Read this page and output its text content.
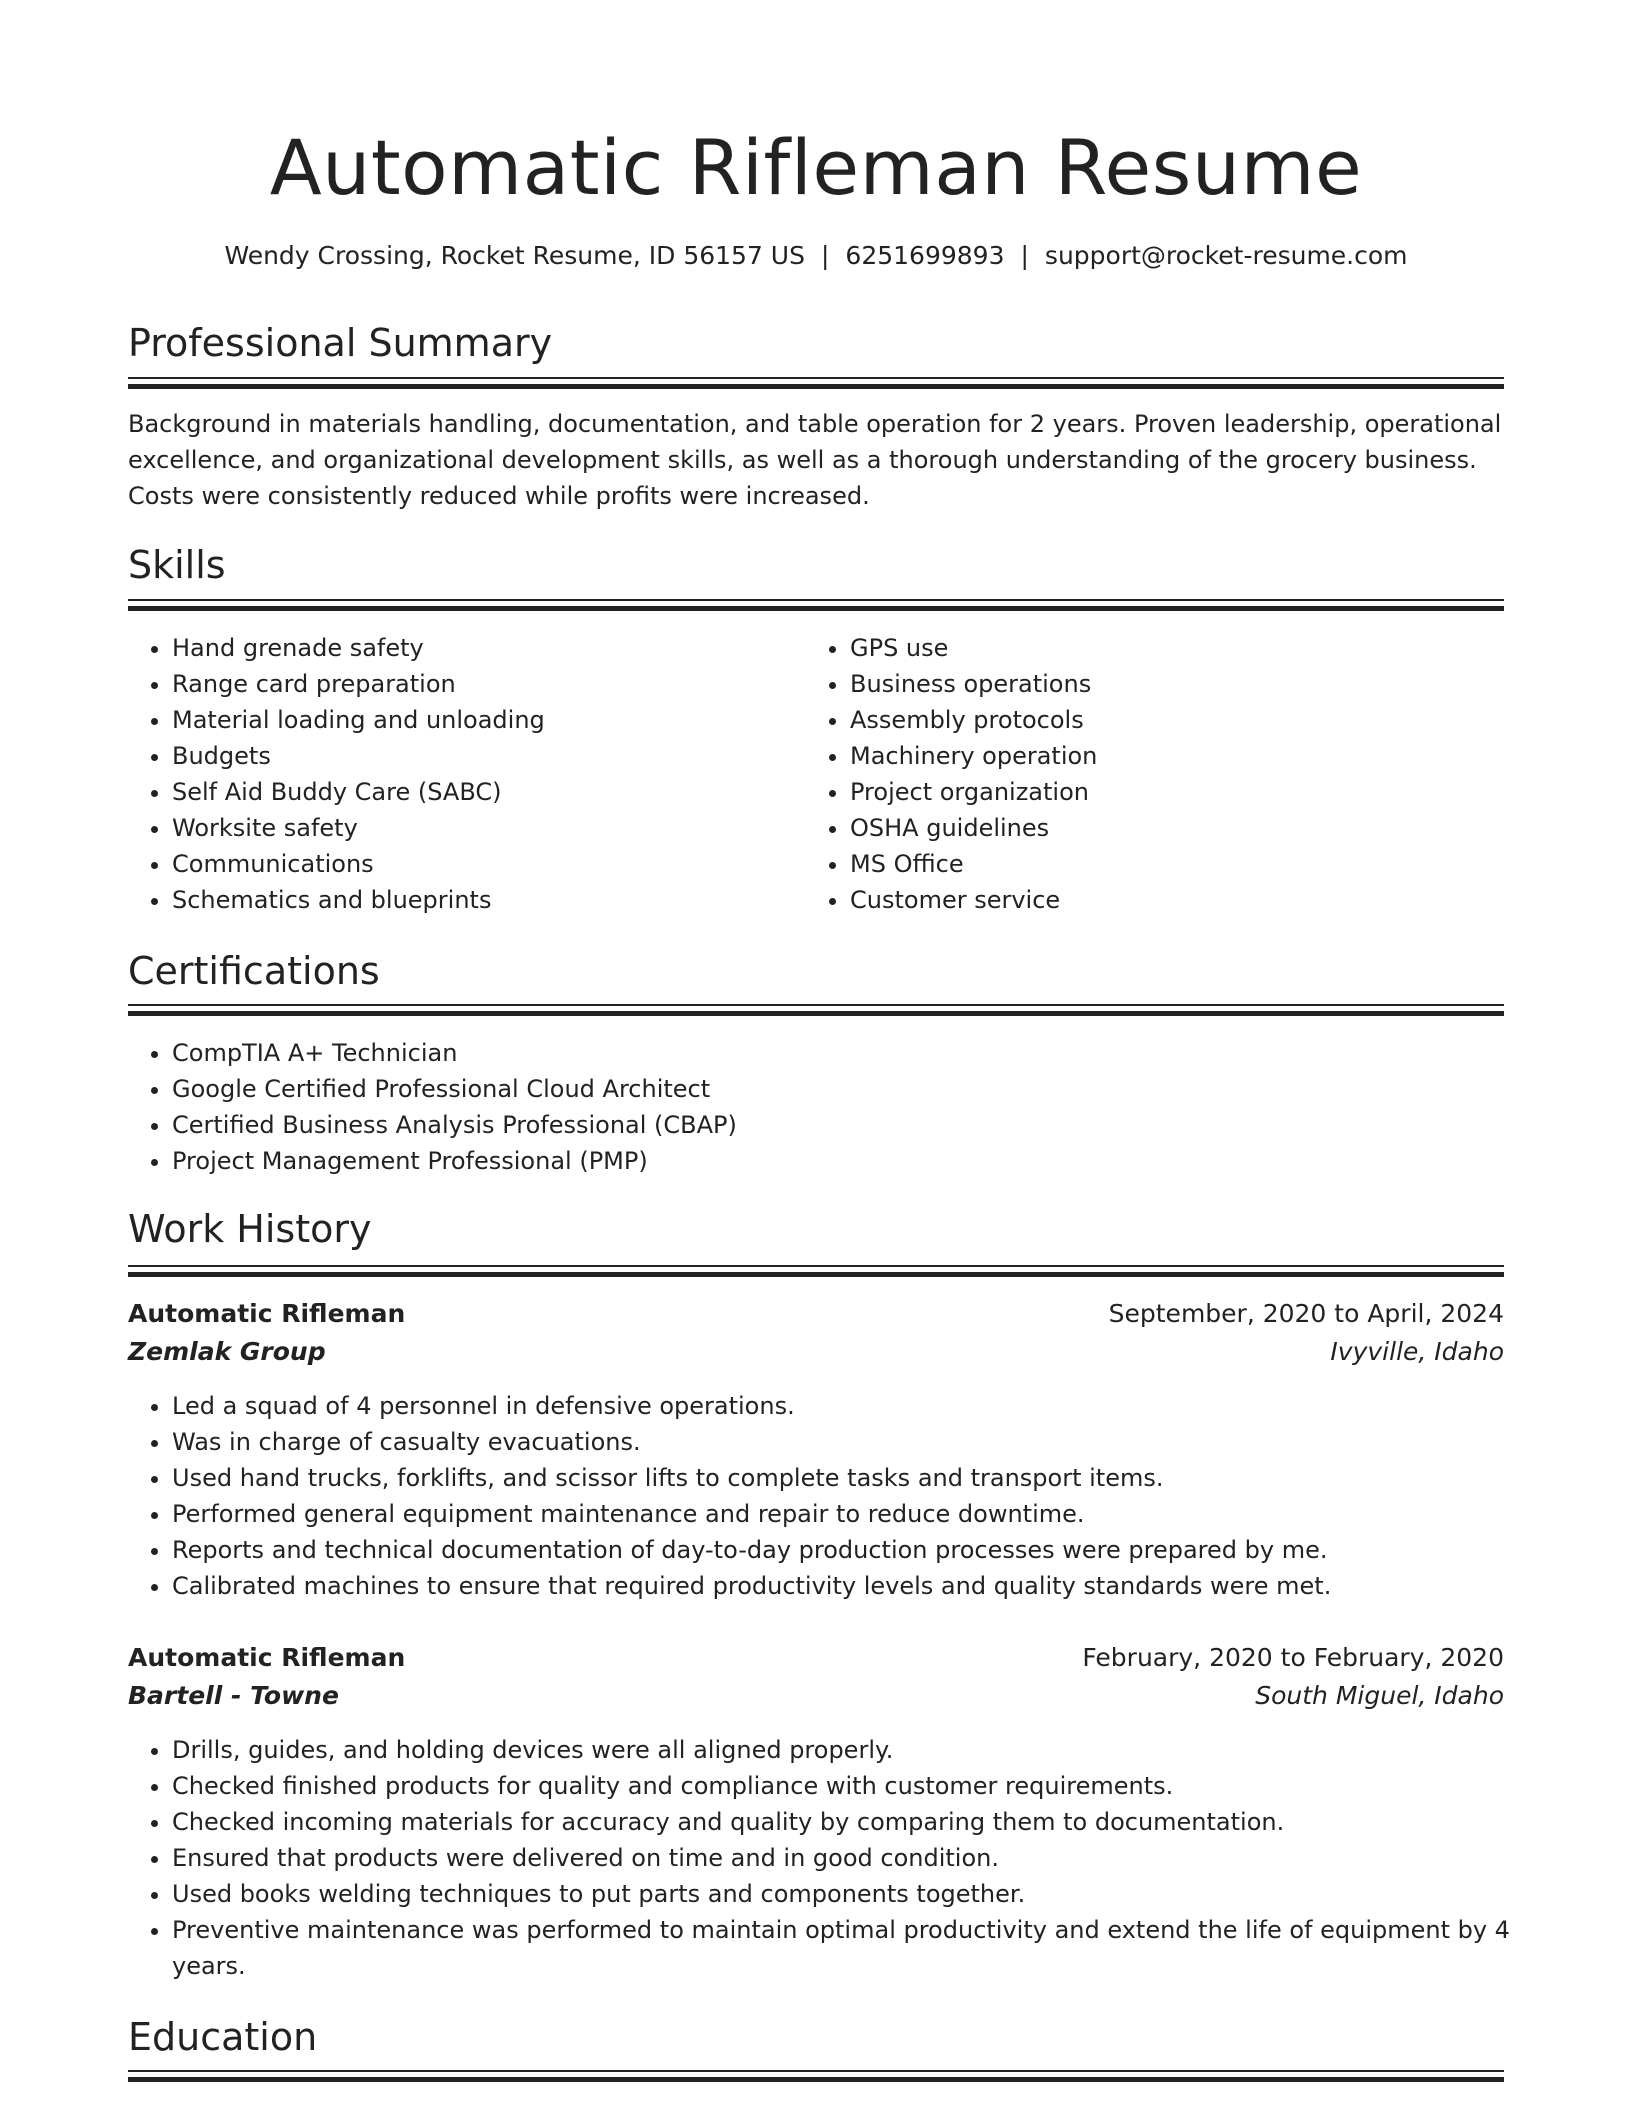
Automatic Rifleman Resume
Wendy Crossing, Rocket Resume, ID 56157 US | 6251699893 | support@rocket-resume.com
Professional Summary
Background in materials handling, documentation, and table operation for 2 years. Proven leadership, operational excellence, and organizational development skills, as well as a thorough understanding of the grocery business. Costs were consistently reduced while profits were increased.
Skills
• Hand grenade safety
• Range card preparation
• Material loading and unloading
• Budgets
• Self Aid Buddy Care (SABC)
• Worksite safety
• Communications
• Schematics and blueprints
• GPS use
• Business operations
• Assembly protocols
• Machinery operation
• Project organization
• OSHA guidelines
• MS Office
• Customer service
Certifications
• CompTIA A+ Technician
• Google Certified Professional Cloud Architect
• Certified Business Analysis Professional (CBAP)
• Project Management Professional (PMP)
Work History
Automatic Rifleman	September, 2020 to April, 2024
Zemlak Group	Ivyville, Idaho
• Led a squad of 4 personnel in defensive operations.
• Was in charge of casualty evacuations.
• Used hand trucks, forklifts, and scissor lifts to complete tasks and transport items.
• Performed general equipment maintenance and repair to reduce downtime.
• Reports and technical documentation of day-to-day production processes were prepared by me.
• Calibrated machines to ensure that required productivity levels and quality standards were met.
Automatic Rifleman	February, 2020 to February, 2020
Bartell - Towne	South Miguel, Idaho
• Drills, guides, and holding devices were all aligned properly.
• Checked finished products for quality and compliance with customer requirements.
• Checked incoming materials for accuracy and quality by comparing them to documentation.
• Ensured that products were delivered on time and in good condition.
• Used books welding techniques to put parts and components together.
• Preventive maintenance was performed to maintain optimal productivity and extend the life of equipment by 4 years.
Education
